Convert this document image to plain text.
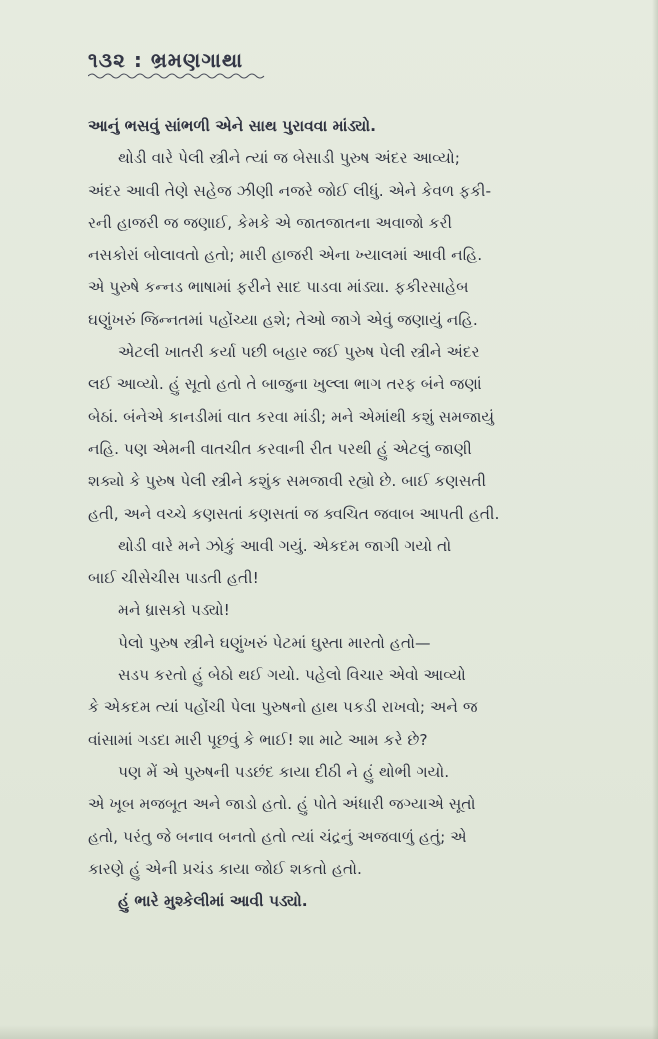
૧૩૨ : ભ્રમણગાથા
આનું ભસવું સાંભળી એને સાથ પુરાવવા માંડ્યો.
થોડી વારે પેલી સ્ત્રીને ત્યાં જ બેસાડી પુરુષ અંદર આવ્યો;
અંદર આવી તેણે સહેજ ઝીણી નજરે જોઈ લીધું. એને કેવળ ફકી-
રની હાજરી જ જણાઈ, કેમકે એ જાતજાતના અવાજો કરી
નસકોરાં બોલાવતો હતો; મારી હાજરી એના ખ્યાલમાં આવી નહિ.
એ પુરુષે કન્નડ ભાષામાં ફરીને સાદ પાડવા માંડ્યા. ફકીરસાહેબ
ઘણુંખરું જિન્નતમાં પહોંચ્યા હશે; તેઓ જાગે એવું જણાયું નહિ.
એટલી ખાતરી કર્યા પછી બહાર જઈ પુરુષ પેલી સ્ત્રીને અંદર
લઈ આવ્યો. હું સૂતો હતો તે બાજુના ખુલ્લા ભાગ તરફ બંને જણાં
બેઠાં. બંનેએ કાનડીમાં વાત કરવા માંડી; મને એમાંથી કશું સમજાયું
નહિ. પણ એમની વાતચીત કરવાની રીત પરથી હું એટલું જાણી
શક્યો કે પુરુષ પેલી સ્ત્રીને કશુંક સમજાવી રહ્યો છે. બાઈ કણસતી
હતી, અને વચ્ચે કણસતાં કણસતાં જ ક્વચિત જવાબ આપતી હતી.
થોડી વારે મને ઝોકું આવી ગયું. એકદમ જાગી ગયો તો
બાઈ ચીસેચીસ પાડતી હતી!
મને ધ્રાસકો પડ્યો!
પેલો પુરુષ સ્ત્રીને ઘણુંખરું પેટમાં ઘુસ્તા મારતો હતો—
સડપ કરતો હું બેઠો થઈ ગયો. પહેલો વિચાર એવો આવ્યો
કે એકદમ ત્યાં પહોંચી પેલા પુરુષનો હાથ પકડી રાખવો; અને જ
વાંસામાં ગડદા મારી પૂછવું કે ભાઈ! શા માટે આમ કરે છે?
પણ મેં એ પુરુષની પડછંદ કાયા દીઠી ને હું થોભી ગયો.
એ ખૂબ મજબૂત અને જાડો હતો. હું પોતે અંધારી જગ્યાએ સૂતો
હતો, પરંતુ જે બનાવ બનતો હતો ત્યાં ચંદ્રનું અજવાળું હતું; એ
કારણે હું એની પ્રચંડ કાયા જોઈ શકતો હતો.
હું ભારે મુશ્કેલીમાં આવી પડ્યો.
